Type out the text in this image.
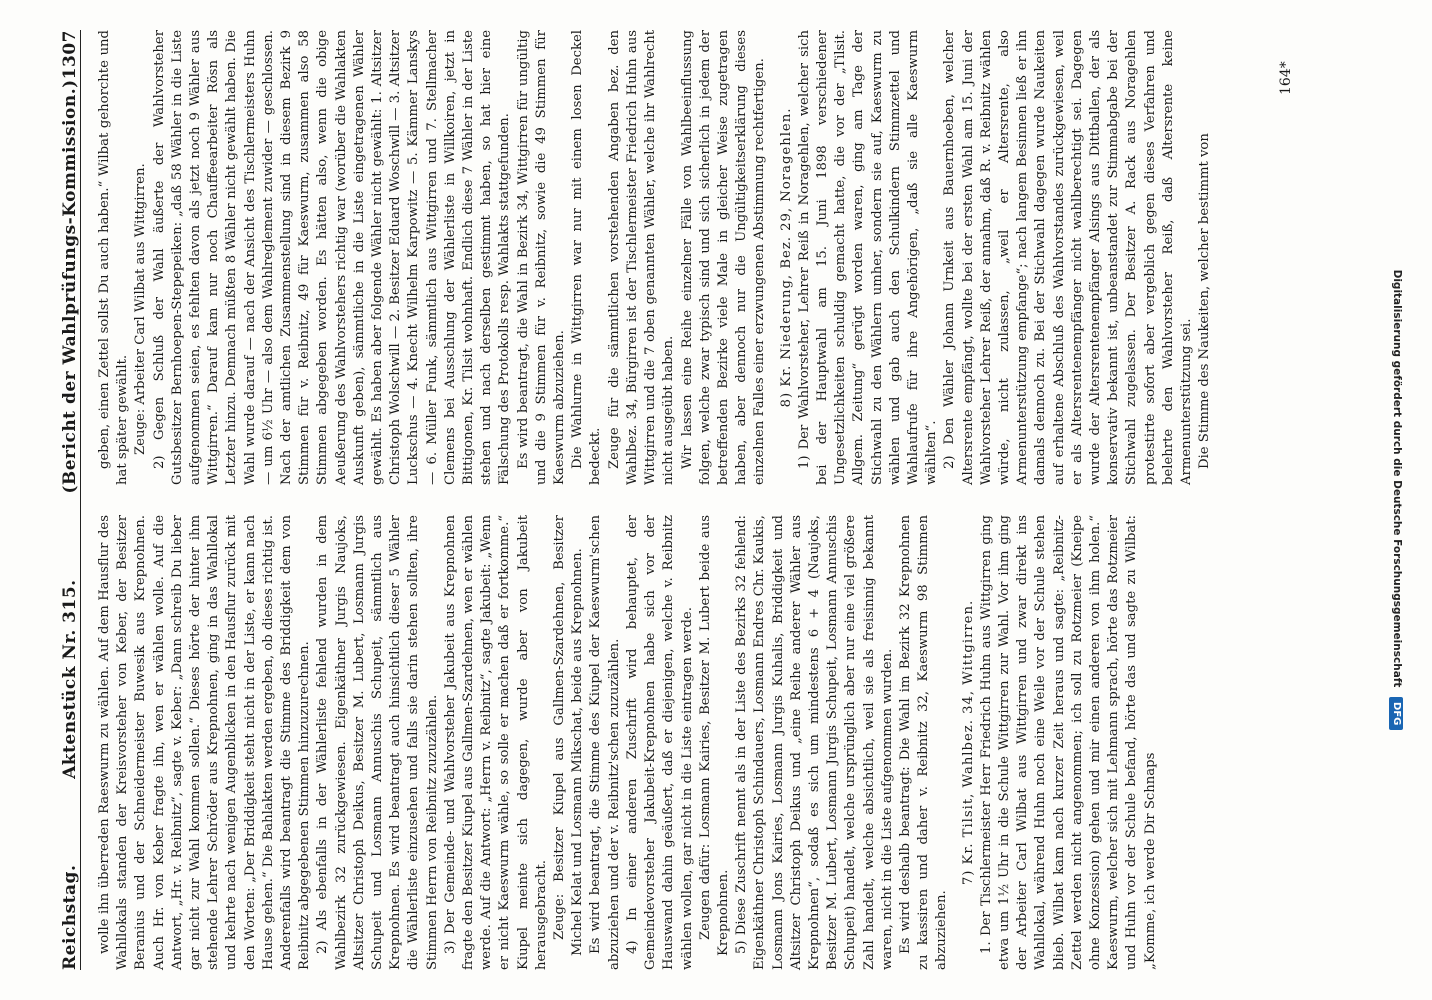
Reichstag.
Aktenstück Nr. 315.
(Bericht der Wahlprüfungs-Kommission.)
1307

wolle ihn überreden Raeswurm zu wählen. Auf dem Hausflur des Wahllokals standen der Kreisvorsteher von Keber, der Besitzer Beranius und der Schneidermeister Buwesik aus Krepnohnen. Auch Hr. von Keber fragte ihn, wen er wählen wolle. Auf die Antwort, „Hr. v. Reibnitz“, sagte v. Keber: „Dann schreib Du lieber gar nicht zur Wahl kommen sollen.“ Dieses hörte der hinter ihm stehende Lehrer Schröder aus Krepnohnen, ging in das Wahllokal und kehrte nach wenigen Augenblicken in den Hausflur zurück mit den Worten: „Der Briddigkeit steht nicht in der Liste, er kann nach Hause gehen.“ Die Bahlakten werden ergeben, ob dieses richtig ist. Anderenfalls wird beantragt die Stimme des Briddigkeit dem von Reibnitz abgegebenen Stimmen hinzuzurechnen. 2) Als ebenfalls in der Wählerliste fehlend wurden in dem Wahlbezirk 32 zurückgewiesen. Eigenkäthner Jurgis Naujoks, Altsitzer Christoph Deikus, Besitzer M. Lubert, Losmann Jurgis Schupeit und Losmann Annuschis Schupeit, sämmtlich aus Krepnohnen. Es wird beantragt auch hinsichtlich dieser 5 Wähler die Wählerliste einzusehen und falls sie darin stehen sollten, ihre Stimmen Herrn von Reibnitz zuzuzählen. 3) Der Gemeinde- und Wahlvorsteher Jakubeit aus Krepnohnen fragte den Besitzer Kiupel aus Gallmen-Szardehnen, wen er wählen werde. Auf die Antwort: „Herrn v. Reibnitz“, sagte Jakubeit: „Wenn er nicht Kaeswurm wähle, so solle er machen daß er fortkomme.“ Kiupel meinte sich dagegen, wurde aber von Jakubeit herausgebracht. Zeuge: Besitzer Kiupel aus Gallmen-Szardehnen, Besitzer Michel Kelat und Losmann Mikschat, beide aus Krepnohnen. Es wird beantragt, die Stimme des Kiupel der Kaeswurm'schen abzuziehen und der v. Reibnitz'schen zuzuzählen. 4) In einer anderen Zuschrift wird behauptet, der Gemeindevorsteher Jakubeit-Krepnohnen habe sich vor der Hauswand dahin geäußert, daß er diejenigen, welche v. Reibnitz wählen wollen, gar nicht in die Liste eintragen werde. Zeugen dafür: Losmann Kairies, Besitzer M. Lubert beide aus Krepnohnen. 5) Diese Zuschrift nennt als in der Liste des Bezirks 32 fehlend: Eigenkäthner Christoph Schindauers, Losmann Endres Chr. Kaukis, Losmann Jons Kairies, Losmann Jurgis Kuhalis, Briddigkeit und Altsitzer Christoph Deikus und „eine Reihe anderer Wähler aus Krepnohnen“, sodaß es sich um mindestens 6 + 4 (Naujoks, Besitzer M. Lubert, Losmann Jurgis Schupeit, Losmann Annuschis Schupeit) handelt, welche ursprünglich aber nur eine viel größere Zahl handelt, welche absichtlich, weil sie als freisinnig bekannt waren, nicht in die Liste aufgenommen wurden. Es wird deshalb beantragt: Die Wahl im Bezirk 32 Krepnohnen zu kassiren und daher v. Reibnitz 32, Kaeswurm 98 Stimmen abzuziehen.

7) Kr. Tilsit, Wahlbez. 34, Wittgirren. 1. Der Tischlermeister Herr Friedrich Huhn aus Wittgirren ging etwa um 1½ Uhr in die Schule Wittgirren zur Wahl. Vor ihm ging der Arbeiter Carl Wilbat aus Wittgirren und zwar direkt ins Wahllokal, während Huhn noch eine Weile vor der Schule stehen blieb. Wilbat kam nach kurzer Zeit heraus und sagte: „Reibnitz-Zettel werden nicht angenommen; ich soll zu Rotzmeier (Kneipe ohne Konzession) gehen und mir einen anderen von ihm holen.“ Kaeswurm, welcher sich mit Lehmann sprach, hörte das Rotzmeier und Huhn vor der Schule befand, hörte das und sagte zu Wilbat: „Komme, ich werde Dir Schnaps

geben, einen Zettel sollst Du auch haben.“ Wilbat gehorchte und hat später gewählt. Zeuge: Arbeiter Carl Wilbat aus Wittgirren. 2) Gegen Schluß der Wahl äußerte der Wahlvorsteher Gutsbesitzer Bernhoepen-Stepepeiken: „daß 58 Wähler in die Liste aufgenommen seien, es fehlten davon als jetzt noch 9 Wähler aus Wittgirren.“ Darauf kam nur noch Chauffeearbeiter Rösn als Letzter hinzu. Demnach müßten 8 Wähler nicht gewählt haben. Die Wahl wurde darauf — nach der Ansicht des Tischlermeisters Huhn — um 6½ Uhr — also dem Wahlreglement zuwider — geschlossen. Nach der amtlichen Zusammenstellung sind in diesem Bezirk 9 Stimmen für v. Reibnitz, 49 für Kaeswurm, zusammen also 58 Stimmen abgegeben worden. Es hätten also, wenn die obige Aeußerung des Wahlvorstehers richtig war (worüber die Wahlakten Auskunft geben), sämmtliche in die Liste eingetragenen Wähler gewählt. Es haben aber folgende Wähler nicht gewählt: 1. Altsitzer Christoph Wolschwill — 2. Besitzer Eduard Woschwill — 3. Altsitzer Luckschus — 4. Knecht Wilhelm Karpowitz — 5. Kämmer Lanskys — 6. Müller Funk, sämmtlich aus Wittgirren und 7. Stellmacher Clemens bei Ausschlung der Wählerliste in Willkoiren, jetzt in Bittigonen, Kr. Tilsit wohnhaft. Endlich diese 7 Wähler in der Liste stehen und nach derselben gestimmt haben, so hat hier eine Fälschung des Protokolls resp. Wahlakts stattgefunden. Es wird beantragt, die Wahl in Bezirk 34, Wittgirren für ungültig und die 9 Stimmen für v. Reibnitz, sowie die 49 Stimmen für Kaeswurm abzuziehen. Die Wahlurne in Wittgirren war nur mit einem losen Deckel bedeckt. Zeuge für die sämmtlichen vorstehenden Angaben bez. den Wahlbez. 34, Bürgirren ist der Tischlermeister Friedrich Huhn aus Wittgirren und die 7 oben genannten Wähler, welche ihr Wahlrecht nicht ausgeübt haben. Wir lassen eine Reihe einzelner Fälle von Wahlbeeinflussung folgen, welche zwar typisch sind und sich sicherlich in jedem der betreffenden Bezirke viele Male in gleicher Weise zugetragen haben, aber dennoch nur die Ungültigkeitserklärung dieses einzelnen Falles einer erzwungenen Abstimmung rechtfertigen. 8) Kr. Niederung, Bez. 29, Noragehlen. 1) Der Wahlvorsteher, Lehrer Reiß in Noragehlen, welcher sich bei der Hauptwahl am 15. Juni 1898 verschiedener Ungesetzlichkeiten schuldig gemacht hatte, die vor der „Tilsit. Allgem. Zeitung“ gerügt worden waren, ging am Tage der Stichwahl zu den Wählern umher, sondern sie auf, Kaeswurm zu wählen und gab auch den Schulkindern Stimmzettel und Wahlaufrufe für ihre Angehörigen, „daß sie alle Kaeswurm wählten“. 2) Den Wähler Johann Urnkeit aus Bauernhoeben, welcher Altersrente empfängt, wollte bei der ersten Wahl am 15. Juni der Wahlvorsteher Lehrer Reiß, der annahm, daß R. v. Reibnitz wählen würde, nicht zulassen, „weil er Altersrente, also Armenunterstützung empfange“; nach langem Besinnen ließ er ihn damals dennoch zu. Bei der Stichwahl dagegen wurde Naukeiten auf erhaltene Abschluß des Wahlvorstandes zurückgewiesen, weil er als Altersrentenempfänger nicht wahlberechtigt sei. Dagegen wurde der Altersrentenempfänger Alsings aus Dittballen, der als konservativ bekannt ist, unbeanstandet zur Stimmabgabe bei der Stichwahl zugelassen. Der Besitzer A. Rack aus Noragehlen protestirte sofort aber vergeblich gegen dieses Verfahren und belehrte den Wahlvorsteher Reiß, daß Altersrente keine Armenunterstützung sei. Die Stimme des Naukeiten, welcher bestimmt von

164*
Digitalisierung gefördert durch die Deutsche Forschungsgemeinschaft DFG
